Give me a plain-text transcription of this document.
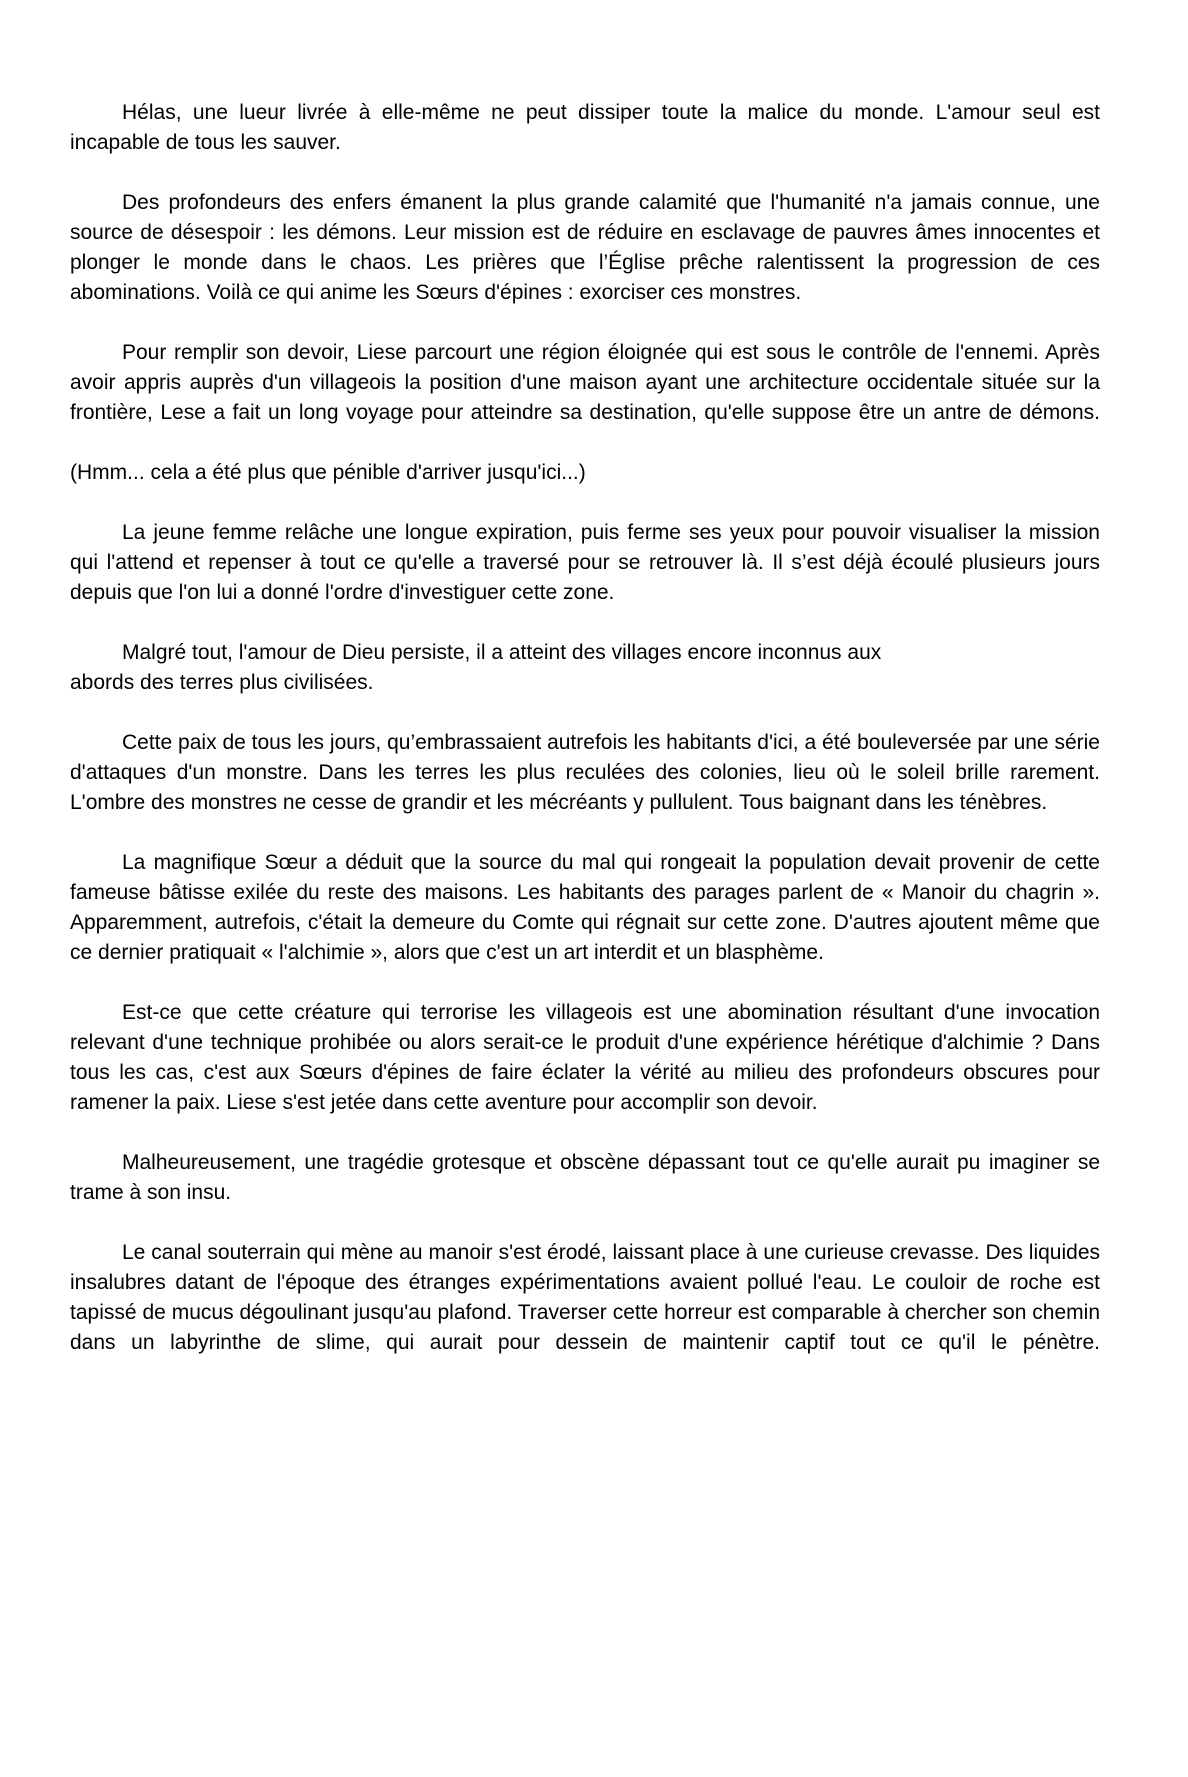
Hélas, une lueur livrée à elle-même ne peut dissiper toute la malice du monde. L'amour seul est incapable de tous les sauver.

Des profondeurs des enfers émanent la plus grande calamité que l'humanité n'a jamais connue, une source de désespoir : les démons. Leur mission est de réduire en esclavage de pauvres âmes innocentes et plonger le monde dans le chaos. Les prières que l’Église prêche ralentissent la progression de ces abominations. Voilà ce qui anime les Sœurs d'épines : exorciser ces monstres.

Pour remplir son devoir, Liese parcourt une région éloignée qui est sous le contrôle de l'ennemi. Après avoir appris auprès d'un villageois la position d'une maison ayant une architecture occidentale située sur la frontière, Lese a fait un long voyage pour atteindre sa destination, qu'elle suppose être un antre de démons.

(Hmm... cela a été plus que pénible d'arriver jusqu'ici...)

La jeune femme relâche une longue expiration, puis ferme ses yeux pour pouvoir visualiser la mission qui l'attend et repenser à tout ce qu'elle a traversé pour se retrouver là. Il s’est déjà écoulé plusieurs jours depuis que l'on lui a donné l'ordre d'investiguer cette zone.

Malgré tout, l'amour de Dieu persiste, il a atteint des villages encore inconnus aux
abords des terres plus civilisées.

Cette paix de tous les jours, qu’embrassaient autrefois les habitants d'ici, a été bouleversée par une série d'attaques d'un monstre. Dans les terres les plus reculées des colonies, lieu où le soleil brille rarement. L'ombre des monstres ne cesse de grandir et les mécréants y pullulent. Tous baignant dans les ténèbres.

La magnifique Sœur a déduit que la source du mal qui rongeait la population devait provenir de cette fameuse bâtisse exilée du reste des maisons. Les habitants des parages parlent de « Manoir du chagrin ». Apparemment, autrefois, c'était la demeure du Comte qui régnait sur cette zone. D'autres ajoutent même que ce dernier pratiquait « l'alchimie », alors que c'est un art interdit et un blasphème.

Est-ce que cette créature qui terrorise les villageois est une abomination résultant d'une invocation relevant d'une technique prohibée ou alors serait-ce le produit d'une expérience hérétique d'alchimie ? Dans tous les cas, c'est aux Sœurs d'épines de faire éclater la vérité au milieu des profondeurs obscures pour ramener la paix. Liese s'est jetée dans cette aventure pour accomplir son devoir.

Malheureusement, une tragédie grotesque et obscène dépassant tout ce qu'elle aurait pu imaginer se trame à son insu.

Le canal souterrain qui mène au manoir s'est érodé, laissant place à une curieuse crevasse. Des liquides insalubres datant de l'époque des étranges expérimentations avaient pollué l'eau. Le couloir de roche est tapissé de mucus dégoulinant jusqu'au plafond. Traverser cette horreur est comparable à chercher son chemin dans un labyrinthe de slime, qui aurait pour dessein de maintenir captif tout ce qu'il le pénètre.
